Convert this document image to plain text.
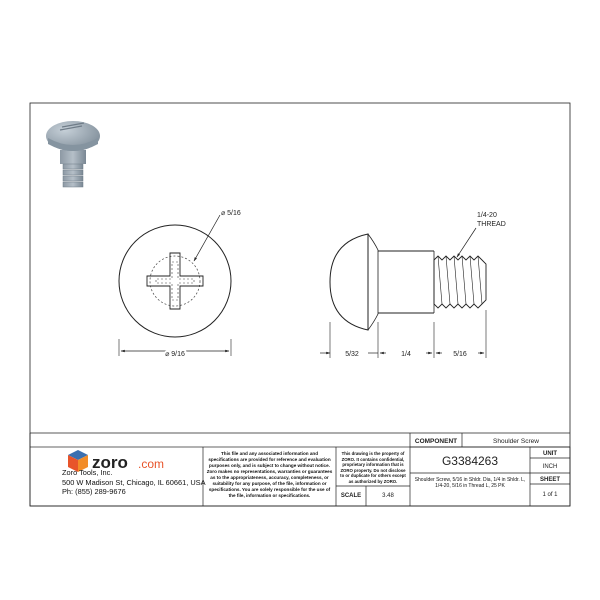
⌀ 5/16
⌀ 9/16
1/4-20
THREAD
5/32	1/4	5/16
zoro .com
COMPONENT	Shoulder Screw
G3384263	UNIT
INCH
SHEET
1 of 1
SCALE	3.48
Zoro Tools, Inc.
500 W Madison St, Chicago, IL 60661, USA
Ph: (855) 289-9676
This file and any associated information and specifications are provided for reference and evaluation purposes only, and is subject to change without notice. Zoro makes no representations, warranties or guarantees as to the appropriateness, accuracy, completeness, or suitability for any purpose, of the file, information or specifications. You are solely responsible for the use of the file, information or specifications.
This drawing is the property of ZORO. It contains confidential, proprietary information that is ZORO property. Do not disclose to or duplicate for others except as authorized by ZORO.	Shoulder Screw, 5/16 in Shldr. Dia, 1/4 in Shldr. L, 1/4-20, 5/16 in Thread L, 25 PK
